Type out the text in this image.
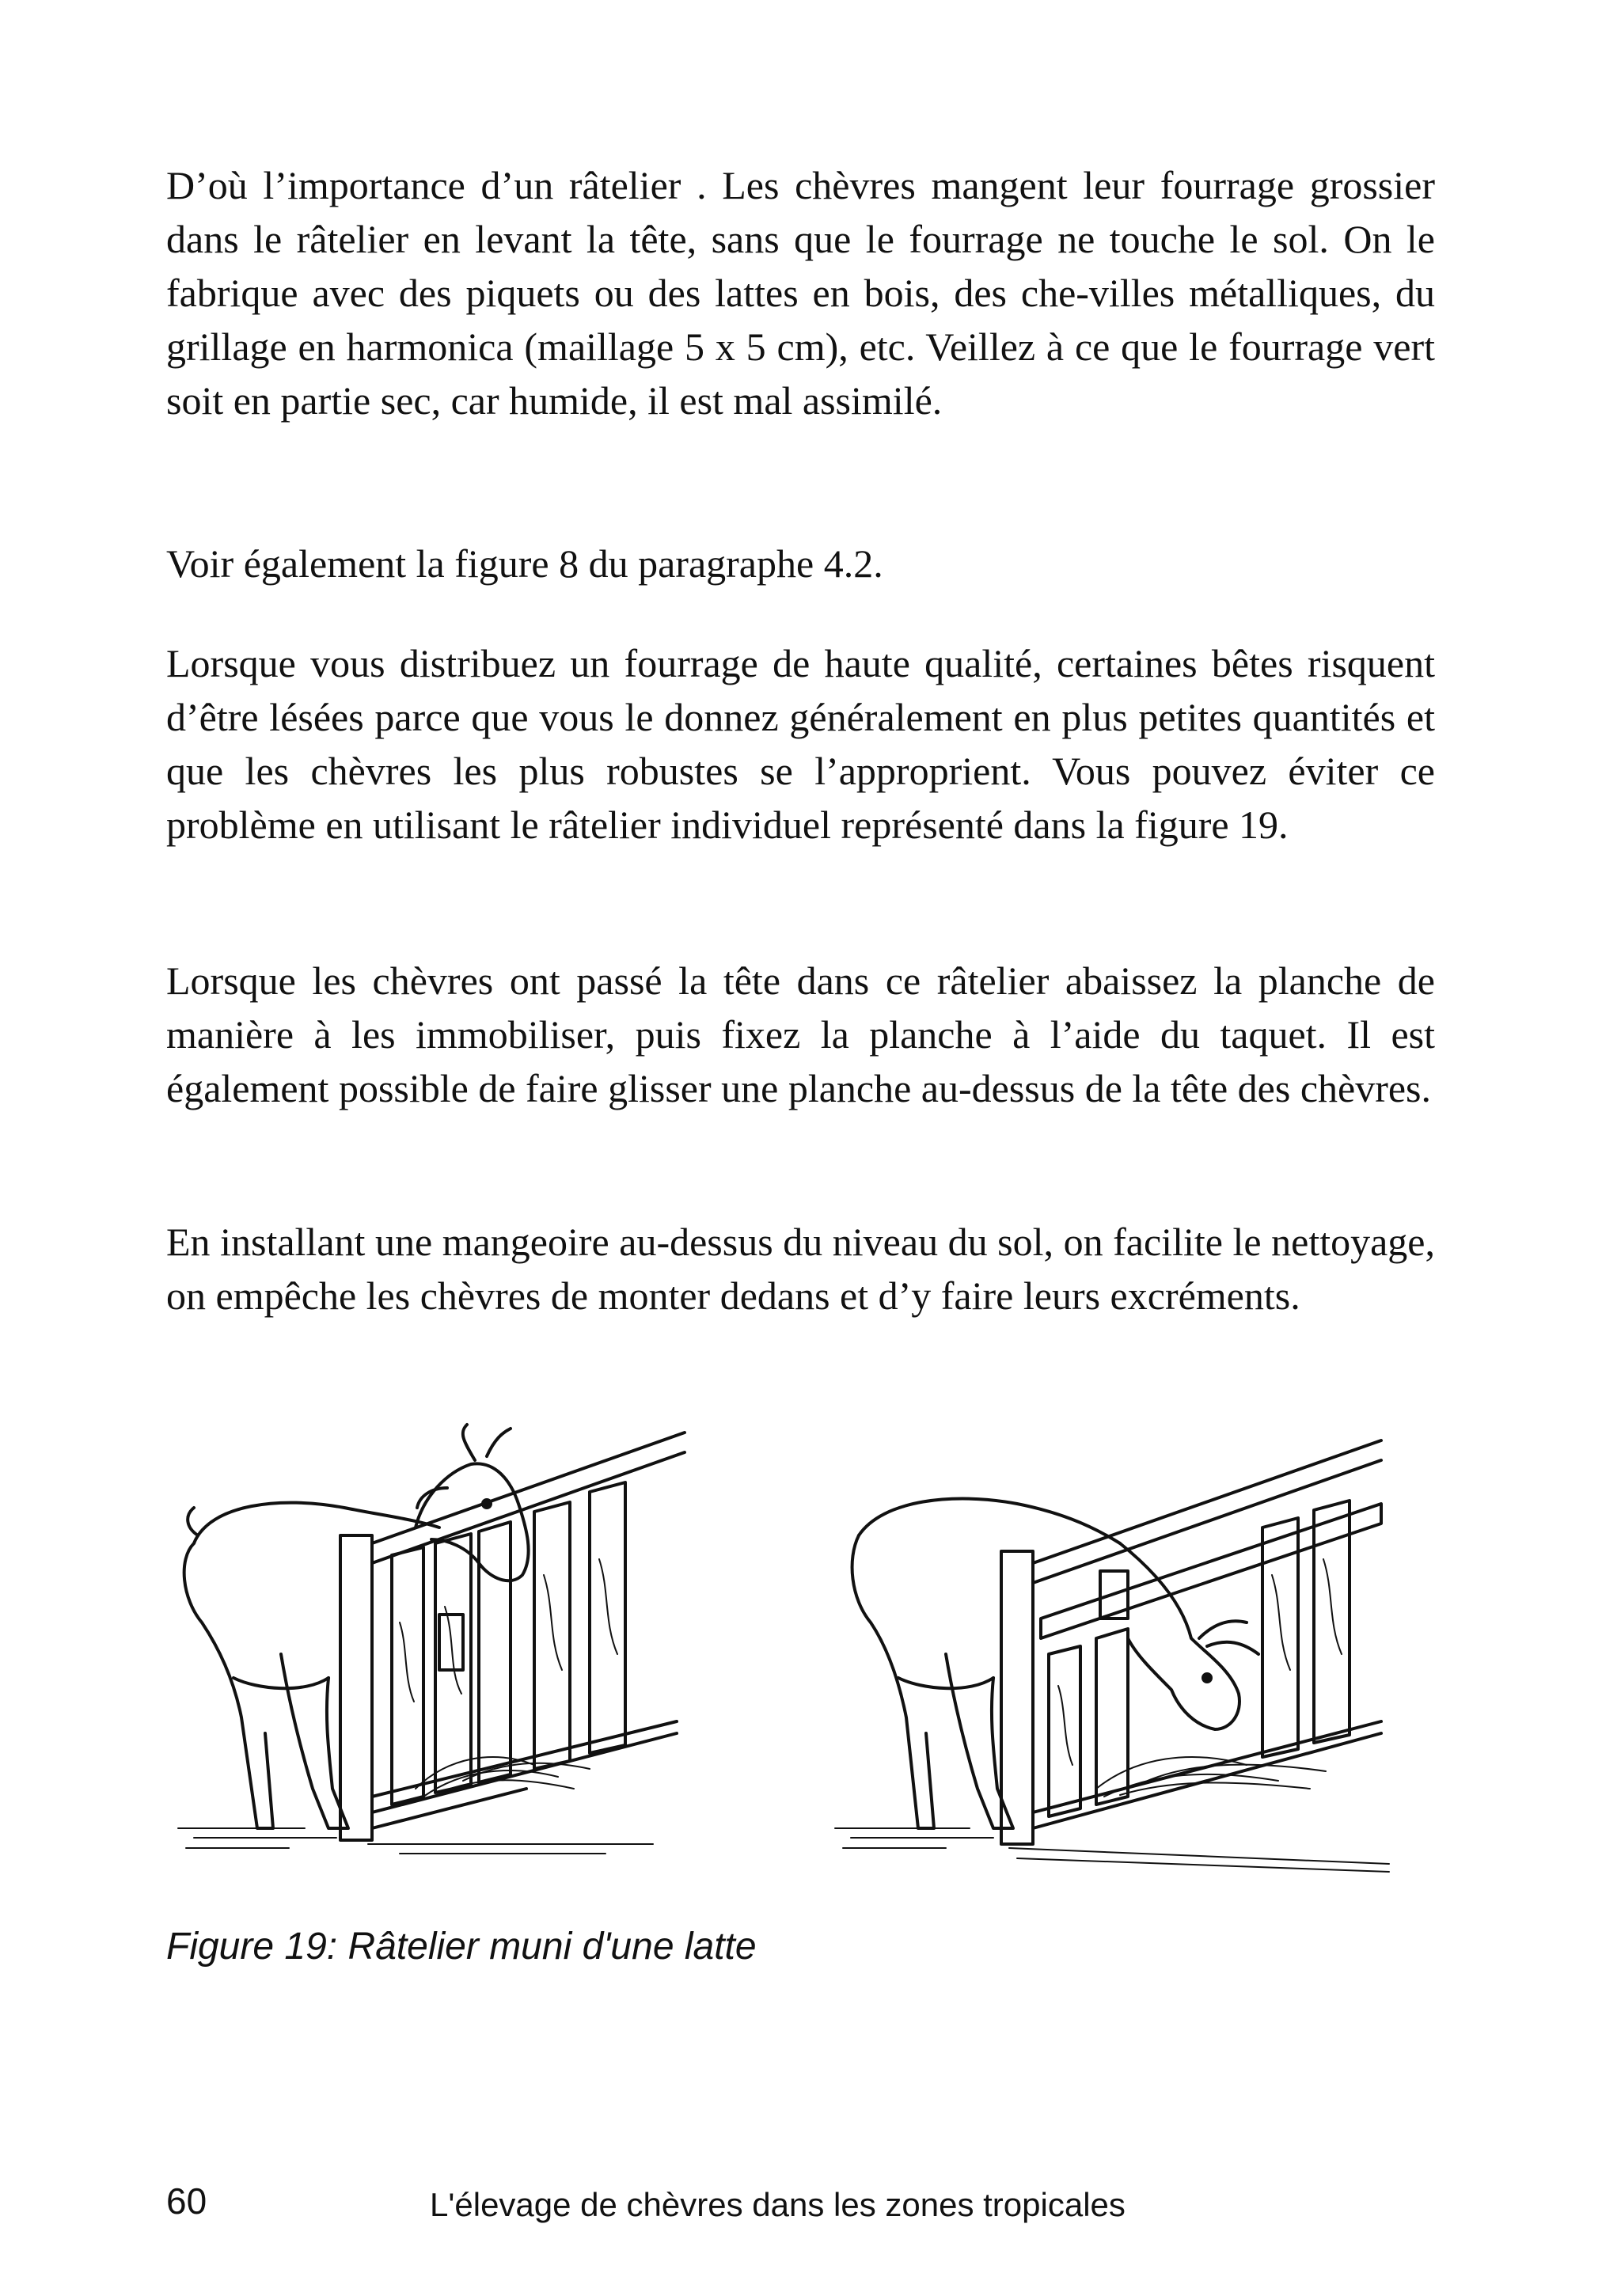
D’où l’importance d’un râtelier . Les chèvres mangent leur fourrage grossier dans le râtelier en levant la tête, sans que le fourrage ne touche le sol. On le fabrique avec des piquets ou des lattes en bois, des che-villes métalliques, du grillage en harmonica (maillage 5 x 5 cm), etc. Veillez à ce que le fourrage vert soit en partie sec, car humide, il est mal assimilé.

Voir également la figure 8 du paragraphe 4.2.

Lorsque vous distribuez un fourrage de haute qualité, certaines bêtes risquent d’être lésées parce que vous le donnez généralement en plus petites quantités et que les chèvres les plus robustes se l’approprient. Vous pouvez éviter ce problème en utilisant le râtelier individuel représenté dans la figure 19.

Lorsque les chèvres ont passé la tête dans ce râtelier abaissez la planche de manière à les immobiliser, puis fixez la planche à l’aide du taquet. Il est également possible de faire glisser une planche au-dessus de la tête des chèvres.

En installant une mangeoire au-dessus du niveau du sol, on facilite le nettoyage, on empêche les chèvres de monter dedans et d’y faire leurs excréments.

Figure 19: Râtelier muni d'une latte

60	L'élevage de chèvres dans les zones tropicales
